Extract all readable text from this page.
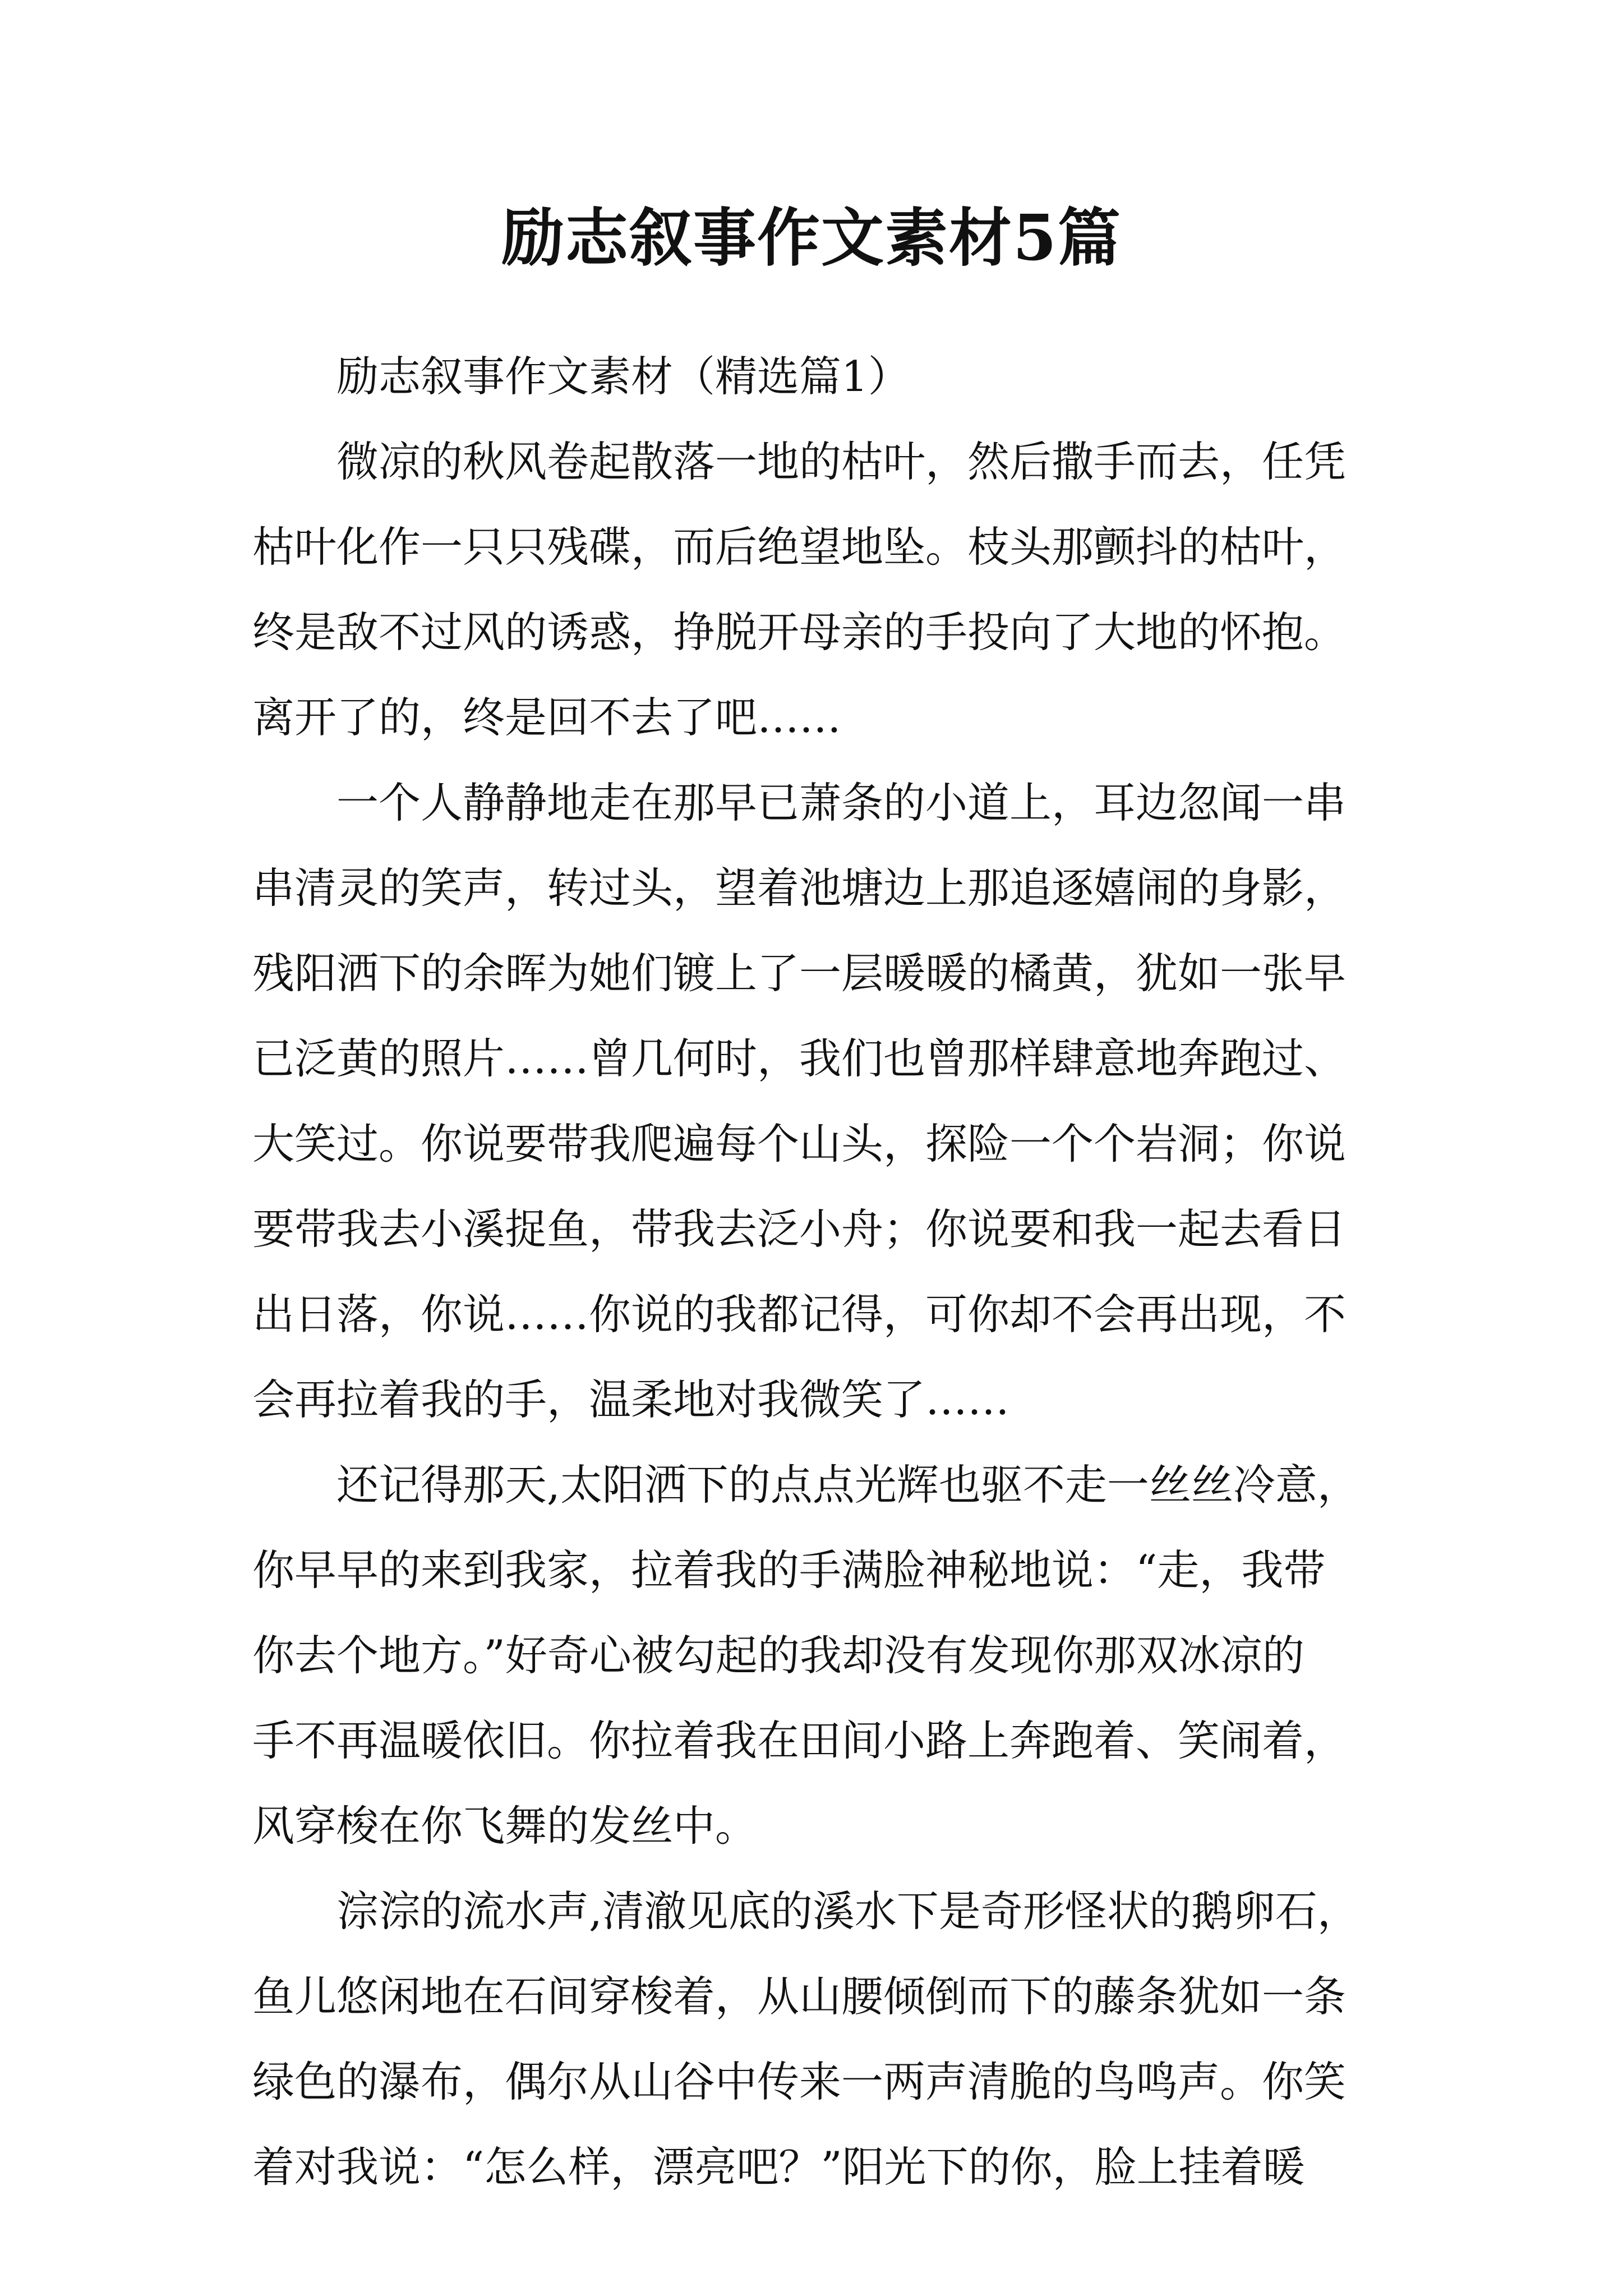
励志叙事作文素材5篇
励志叙事作文素材（精选篇1）
微凉的秋风卷起散落一地的枯叶，然后撒手而去，任凭
枯叶化作一只只残碟，而后绝望地坠。枝头那颤抖的枯叶，
终是敌不过风的诱惑，挣脱开母亲的手投向了大地的怀抱。
离开了的，终是回不去了吧……
一个人静静地走在那早已萧条的小道上，耳边忽闻一串
串清灵的笑声，转过头，望着池塘边上那追逐嬉闹的身影，
残阳洒下的余晖为她们镀上了一层暖暖的橘黄，犹如一张早
已泛黄的照片……曾几何时，我们也曾那样肆意地奔跑过、
大笑过。你说要带我爬遍每个山头，探险一个个岩洞；你说
要带我去小溪捉鱼，带我去泛小舟；你说要和我一起去看日
出日落，你说……你说的我都记得，可你却不会再出现，不
会再拉着我的手，温柔地对我微笑了……
还记得那天,太阳洒下的点点光辉也驱不走一丝丝冷意，
你早早的来到我家，拉着我的手满脸神秘地说：“走，我带
你去个地方。”好奇心被勾起的我却没有发现你那双冰凉的
手不再温暖依旧。你拉着我在田间小路上奔跑着、笑闹着，
风穿梭在你飞舞的发丝中。
淙淙的流水声,清澈见底的溪水下是奇形怪状的鹅卵石，
鱼儿悠闲地在石间穿梭着，从山腰倾倒而下的藤条犹如一条
绿色的瀑布，偶尔从山谷中传来一两声清脆的鸟鸣声。你笑
着对我说：“怎么样，漂亮吧？”阳光下的你，脸上挂着暖
